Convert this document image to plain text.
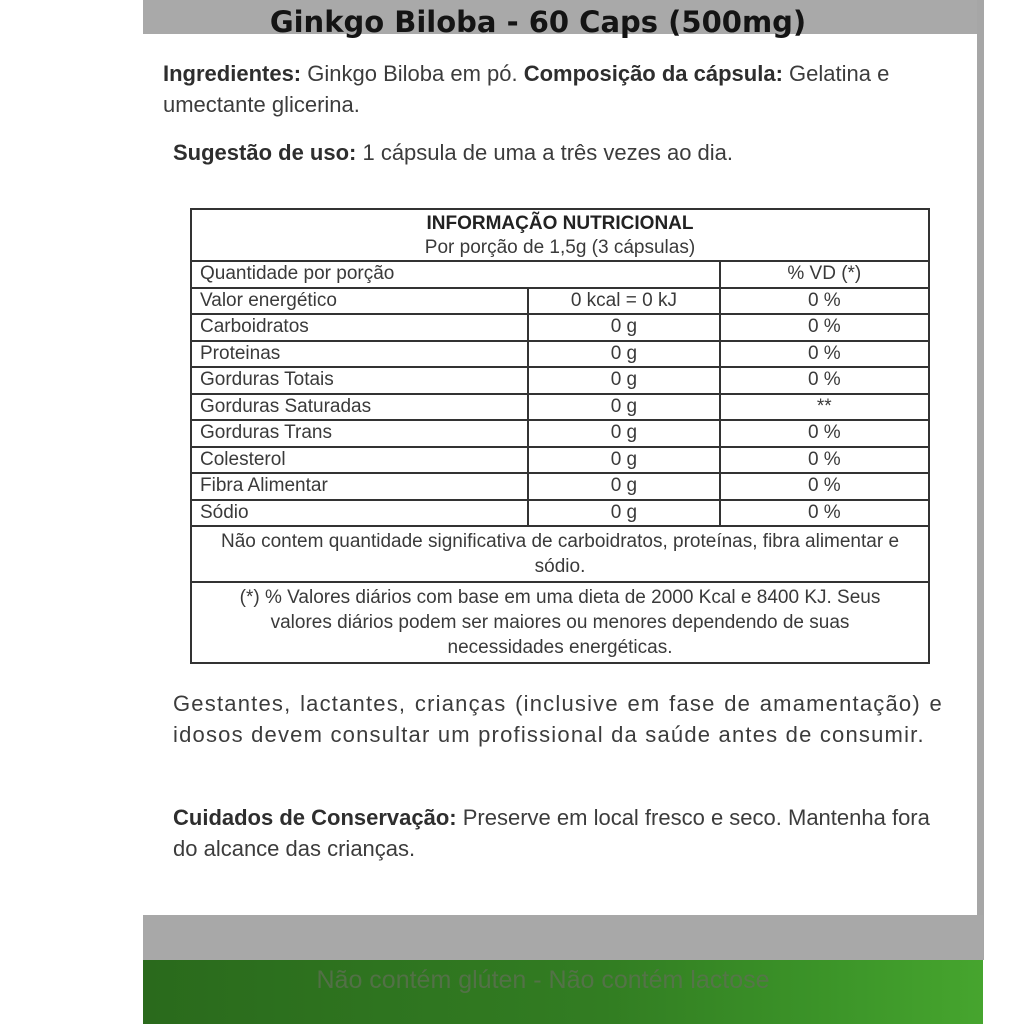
Ginkgo Biloba - 60 Caps (500mg)

Ingredientes: Ginkgo Biloba em pó. Composição da cápsula: Gelatina e umectante glicerina.

Sugestão de uso: 1 cápsula de uma a três vezes ao dia.

INFORMAÇÃO NUTRICIONAL
Por porção de 1,5g (3 cápsulas)		
Quantidade por porção		% VD (*)
Valor energético	0 kcal = 0 kJ	0 %
Carboidratos	0 g	0 %
Proteinas	0 g	0 %
Gorduras Totais	0 g	0 %
Gorduras Saturadas	0 g	**
Gorduras Trans	0 g	0 %
Colesterol	0 g	0 %
Fibra Alimentar	0 g	0 %
Sódio	0 g	0 %
Não contem quantidade significativa de carboidratos, proteínas, fibra alimentar e sódio.		
(*) % Valores diários com base em uma dieta de 2000 Kcal e 8400 KJ. Seus valores diários podem ser maiores ou menores dependendo de suas necessidades energéticas.		

Gestantes, lactantes, crianças (inclusive em fase de amamentação) e idosos devem consultar um profissional da saúde antes de consumir.

Cuidados de Conservação: Preserve em local fresco e seco. Mantenha fora do alcance das crianças.

Não contém glúten - Não contém lactose
